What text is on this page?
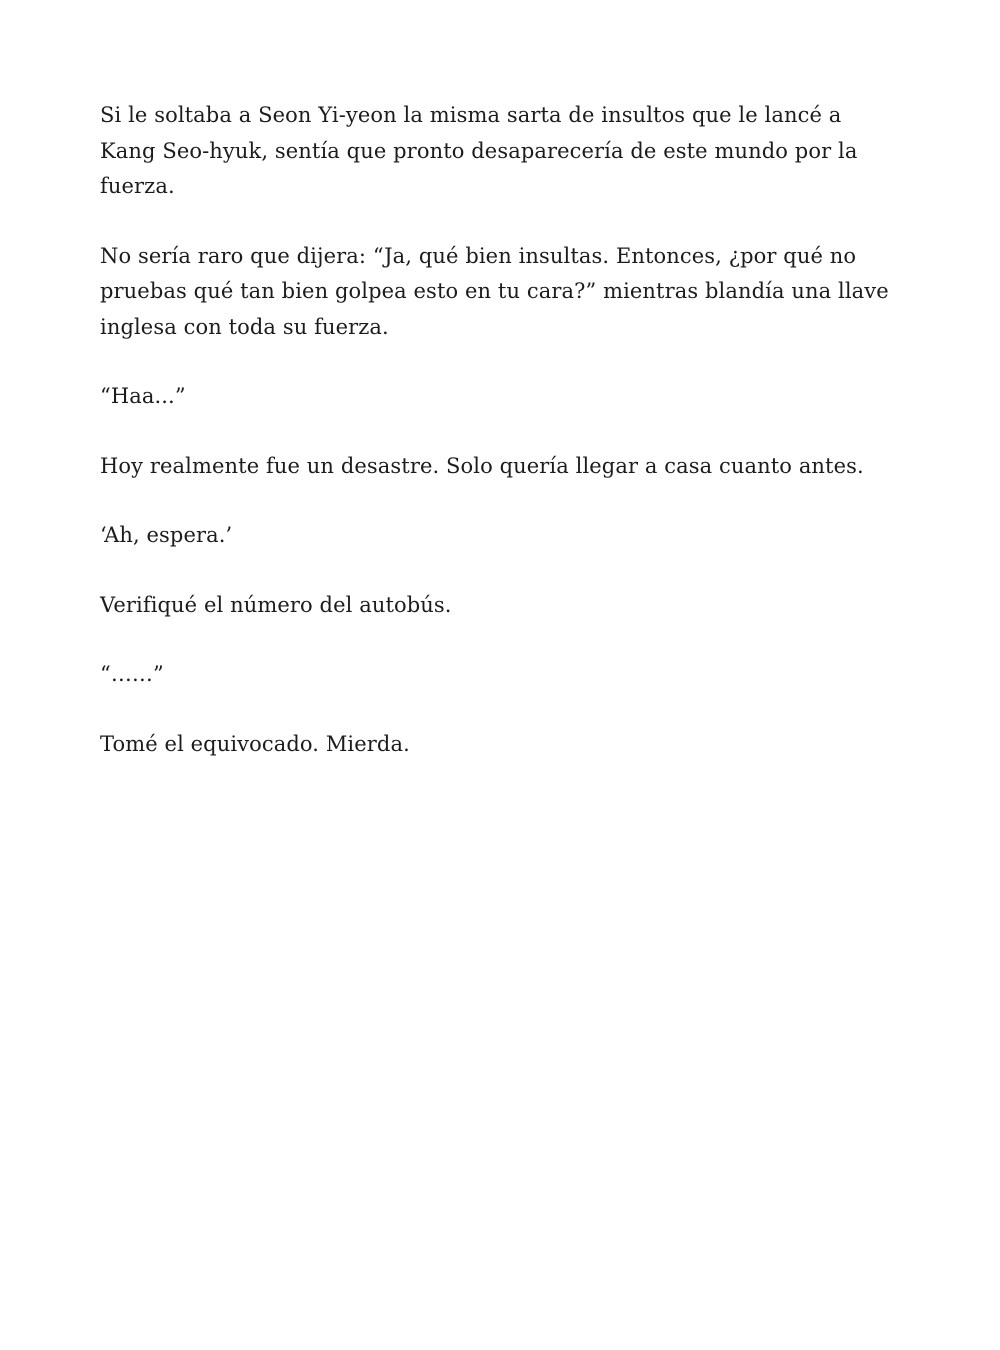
Si le soltaba a Seon Yi-yeon la misma sarta de insultos que le lancé a Kang Seo-hyuk, sentía que pronto desaparecería de este mundo por la fuerza.

No sería raro que dijera: “Ja, qué bien insultas. Entonces, ¿por qué no pruebas qué tan bien golpea esto en tu cara?” mientras blandía una llave inglesa con toda su fuerza.

“Haa...”

Hoy realmente fue un desastre. Solo quería llegar a casa cuanto antes.

‘Ah, espera.’

Verifiqué el número del autobús.

“……”

Tomé el equivocado. Mierda.
